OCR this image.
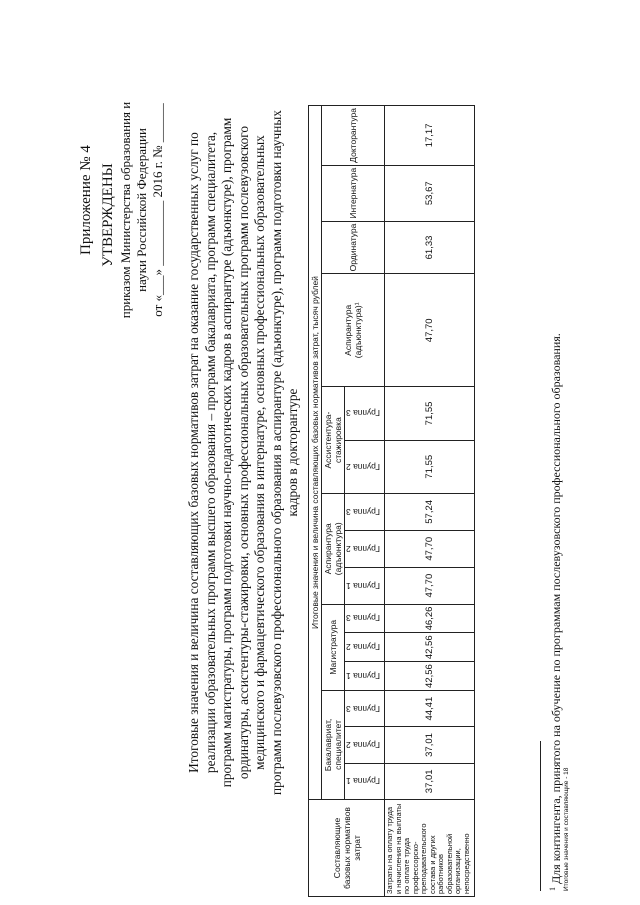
Приложение № 4 УТВЕРЖДЕНЫ приказом Министерства образования и науки Российской Федерации от «___» __________ 2016 г. № ______ Итоговые значения и величина составляющих базовых нормативов затрат на оказание государственных услуг по реализации образовательных программ высшего образования – программ бакалавриата, программ специалитета, программ магистратуры, программ подготовки научно-педагогических кадров в аспирантуре (адъюнктуре), программ ординатуры, ассистентуры-стажировки, основных профессиональных образовательных программ послевузовского медицинского и фармацевтического образования в интернатуре, основных профессиональных образовательных программ послевузовского профессионального образования в аспирантуре (адъюнктуре), программ подготовки научных кадров в докторантуре
Составляющие базовых нормативов затрат	Итоговые значения и величина составляющих базовых нормативов затрат, тысяч рублей														
	Бакалавриат, специалитет			Магистратура			Аспирантура (адъюнктура)			Ассистентура-стажировка		Аспирантура (адъюнктура)¹	Ординатура	Интернатура	Докторантура
	Группа 1	Группа 2	Группа 3	Группа 1	Группа 2	Группа 3	Группа 1	Группа 2	Группа 3	Группа 2	Группа 3				
Затраты на оплату труда и начисления на выплаты по оплате труда профессорско-преподавательского состава и других работников образовательной организации, непосредственно	37,01	37,01	44,41	42,56	42,56	46,26	47,70	47,70	57,24	71,55	71,55	47,70	61,33	53,67	17,17
$^1$ Для контингента, принятого на обучение по программам послевузовского профессионального образования. Итоговые значения и составляющие - 18
